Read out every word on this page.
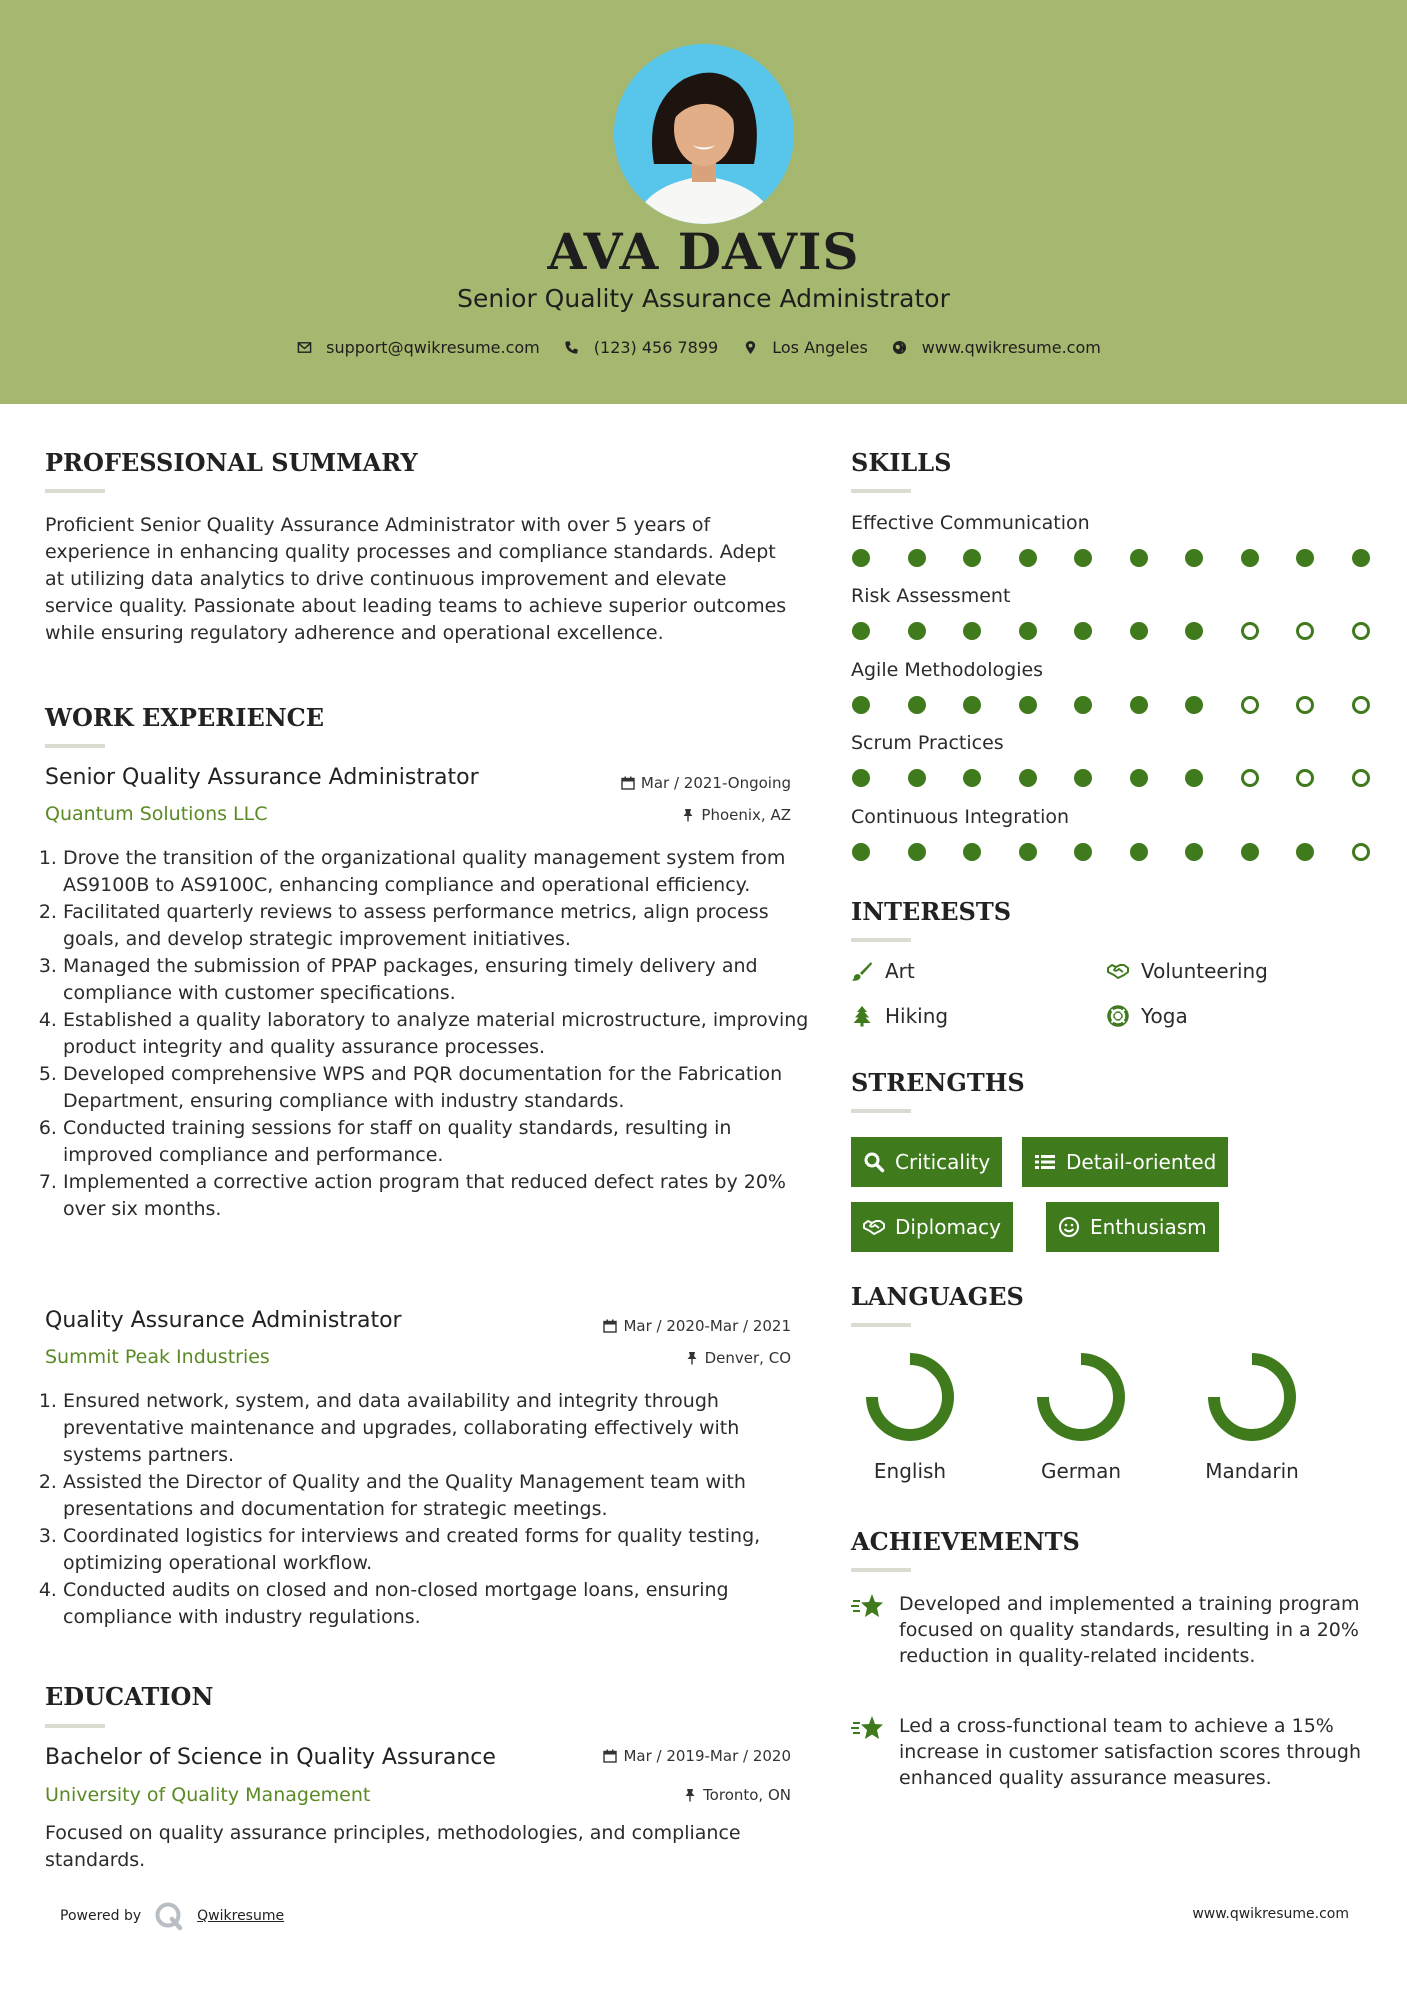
AVA DAVIS
Senior Quality Assurance Administrator
support@qwikresume.com	(123) 456 7899	Los Angeles	www.qwikresume.com
PROFESSIONAL SUMMARY

Proficient Senior Quality Assurance Administrator with over 5 years of experience in enhancing quality processes and compliance standards. Adept at utilizing data analytics to drive continuous improvement and elevate service quality. Passionate about leading teams to achieve superior outcomes while ensuring regulatory adherence and operational excellence.

WORK EXPERIENCE
Senior Quality Assurance Administrator	Mar / 2021-Ongoing
Quantum Solutions LLC	Phoenix, AZ
1. Drove the transition of the organizational quality management system from AS9100B to AS9100C, enhancing compliance and operational efficiency.
2. Facilitated quarterly reviews to assess performance metrics, align process goals, and develop strategic improvement initiatives.
3. Managed the submission of PPAP packages, ensuring timely delivery and compliance with customer specifications.
4. Established a quality laboratory to analyze material microstructure, improving product integrity and quality assurance processes.
5. Developed comprehensive WPS and PQR documentation for the Fabrication Department, ensuring compliance with industry standards.
6. Conducted training sessions for staff on quality standards, resulting in improved compliance and performance.
7. Implemented a corrective action program that reduced defect rates by 20% over six months.
Quality Assurance Administrator	Mar / 2020-Mar / 2021
Summit Peak Industries	Denver, CO
1. Ensured network, system, and data availability and integrity through preventative maintenance and upgrades, collaborating effectively with systems partners.
2. Assisted the Director of Quality and the Quality Management team with presentations and documentation for strategic meetings.
3. Coordinated logistics for interviews and created forms for quality testing, optimizing operational workflow.
4. Conducted audits on closed and non-closed mortgage loans, ensuring compliance with industry regulations.
EDUCATION
Bachelor of Science in Quality Assurance	Mar / 2019-Mar / 2020
University of Quality Management	Toronto, ON

Focused on quality assurance principles, methodologies, and compliance standards.

SKILLS
Effective Communication
Risk Assessment
Agile Methodologies
Scrum Practices
Continuous Integration
INTERESTS
Art	Volunteering
Hiking	Yoga
STRENGTHS
Criticality	Detail-oriented
Diplomacy	Enthusiasm
LANGUAGES
English	German	Mandarin
ACHIEVEMENTS
Developed and implemented a training program focused on quality standards, resulting in a 20% reduction in quality-related incidents.
Led a cross-functional team to achieve a 15% increase in customer satisfaction scores through enhanced quality assurance measures.
Powered by	Qwikresume	www.qwikresume.com
